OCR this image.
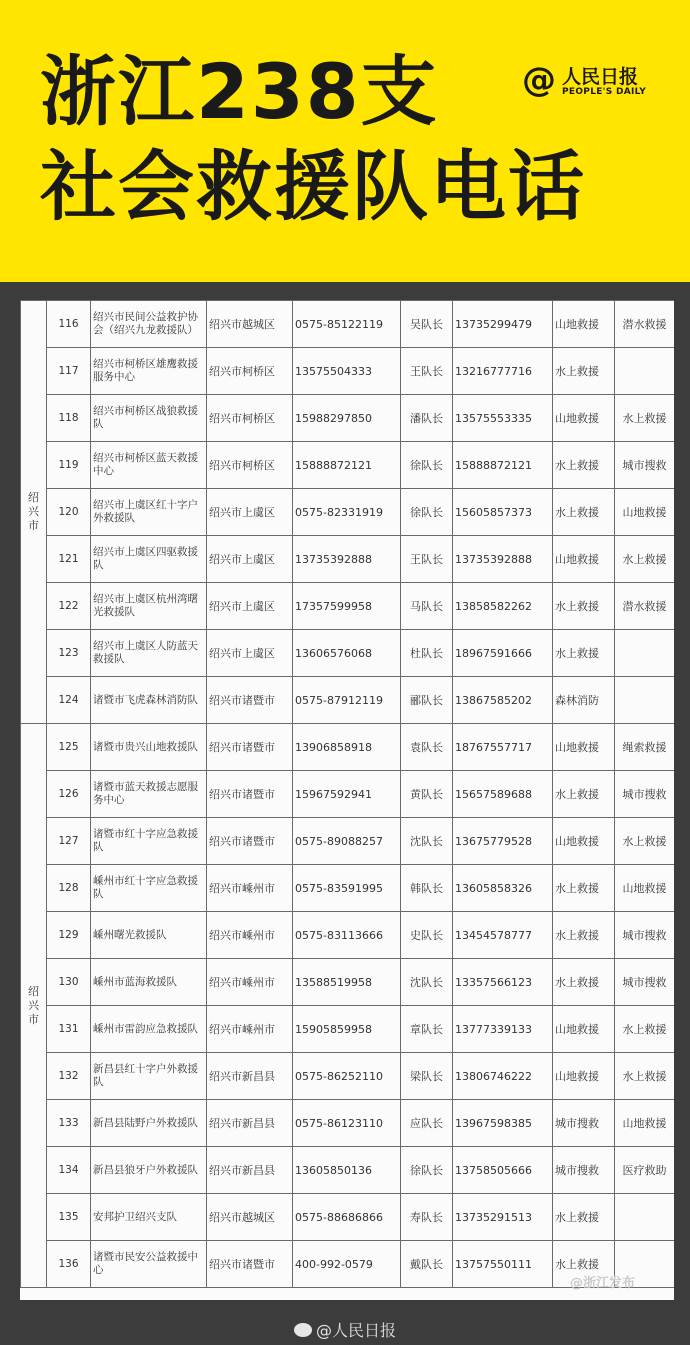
浙江238支
社会救援队电话
@ 人民日报
PEOPLE'S DAILY
绍兴市	116	绍兴市民间公益救护协会（绍兴九龙救援队）	绍兴市越城区	0575-85122119	吴队长	13735299479	山地救援	潜水救援
	117	绍兴市柯桥区雄鹰救援服务中心	绍兴市柯桥区	13575504333	王队长	13216777716	水上救援	
	118	绍兴市柯桥区战狼救援队	绍兴市柯桥区	15988297850	潘队长	13575553335	山地救援	水上救援
	119	绍兴市柯桥区蓝天救援中心	绍兴市柯桥区	15888872121	徐队长	15888872121	水上救援	城市搜救
	120	绍兴市上虞区红十字户外救援队	绍兴市上虞区	0575-82331919	徐队长	15605857373	水上救援	山地救援
	121	绍兴市上虞区四驱救援队	绍兴市上虞区	13735392888	王队长	13735392888	山地救援	水上救援
	122	绍兴市上虞区杭州湾曙光救援队	绍兴市上虞区	17357599958	马队长	13858582262	水上救援	潜水救援
	123	绍兴市上虞区人防蓝天救援队	绍兴市上虞区	13606576068	杜队长	18967591666	水上救援	
	124	诸暨市飞虎森林消防队	绍兴市诸暨市	0575-87912119	郦队长	13867585202	森林消防	
绍兴市	125	诸暨市贵兴山地救援队	绍兴市诸暨市	13906858918	袁队长	18767557717	山地救援	绳索救援
	126	诸暨市蓝天救援志愿服务中心	绍兴市诸暨市	15967592941	黄队长	15657589688	水上救援	城市搜救
	127	诸暨市红十字应急救援队	绍兴市诸暨市	0575-89088257	沈队长	13675779528	山地救援	水上救援
	128	嵊州市红十字应急救援队	绍兴市嵊州市	0575-83591995	韩队长	13605858326	水上救援	山地救援
	129	嵊州曙光救援队	绍兴市嵊州市	0575-83113666	史队长	13454578777	水上救援	城市搜救
	130	嵊州市蓝海救援队	绍兴市嵊州市	13588519958	沈队长	13357566123	水上救援	城市搜救
	131	嵊州市雷韵应急救援队	绍兴市嵊州市	15905859958	章队长	13777339133	山地救援	水上救援
	132	新昌县红十字户外救援队	绍兴市新昌县	0575-86252110	梁队长	13806746222	山地救援	水上救援
	133	新昌县陆野户外救援队	绍兴市新昌县	0575-86123110	应队长	13967598385	城市搜救	山地救援
	134	新昌县狼牙户外救援队	绍兴市新昌县	13605850136	徐队长	13758505666	城市搜救	医疗救助
	135	安邦护卫绍兴支队	绍兴市越城区	0575-88686866	寿队长	13735291513	水上救援	
	136	诸暨市民安公益救援中心	绍兴市诸暨市	400-992-0579	戴队长	13757550111	水上救援	
@浙江发布
@人民日报
